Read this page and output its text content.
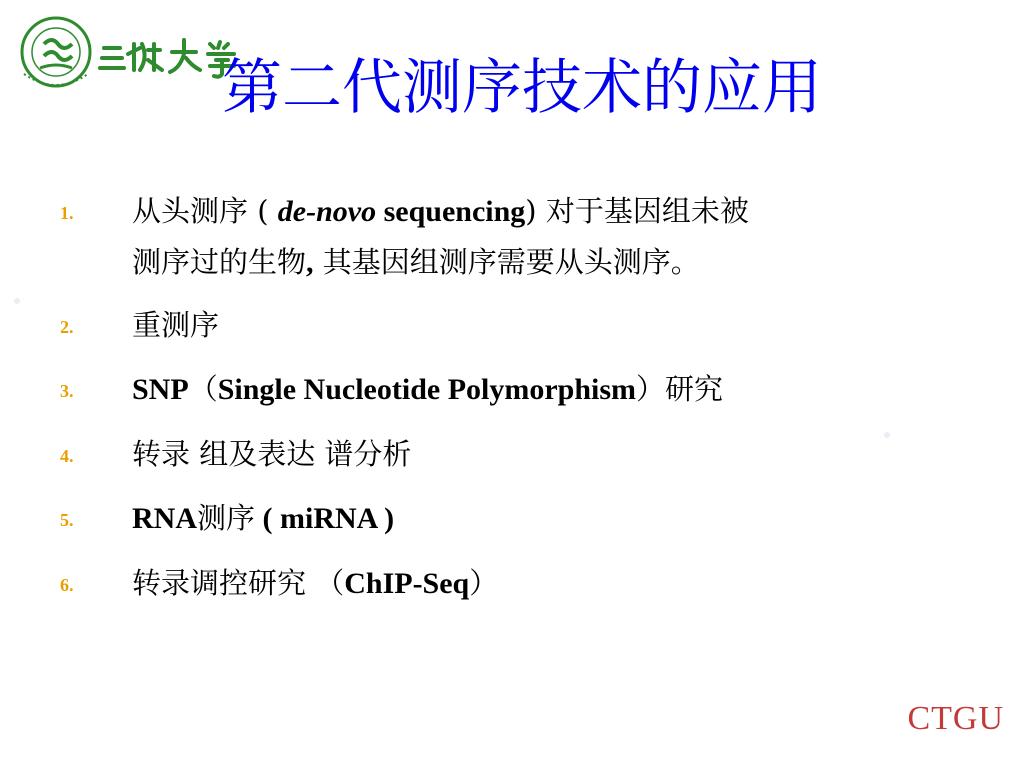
第二代测序技术的应用
1. 从头测序 ( de-novo sequencing) 对于基因组未被
测序过的生物, 其基因组测序需要从头测序。
2. 重测序
3. SNP（Single Nucleotide Polymorphism）研究
4. 转录 组及表达 谱分析
5. RNA测序 ( miRNA )
6. 转录调控研究 （ChIP-Seq）
CTGU
